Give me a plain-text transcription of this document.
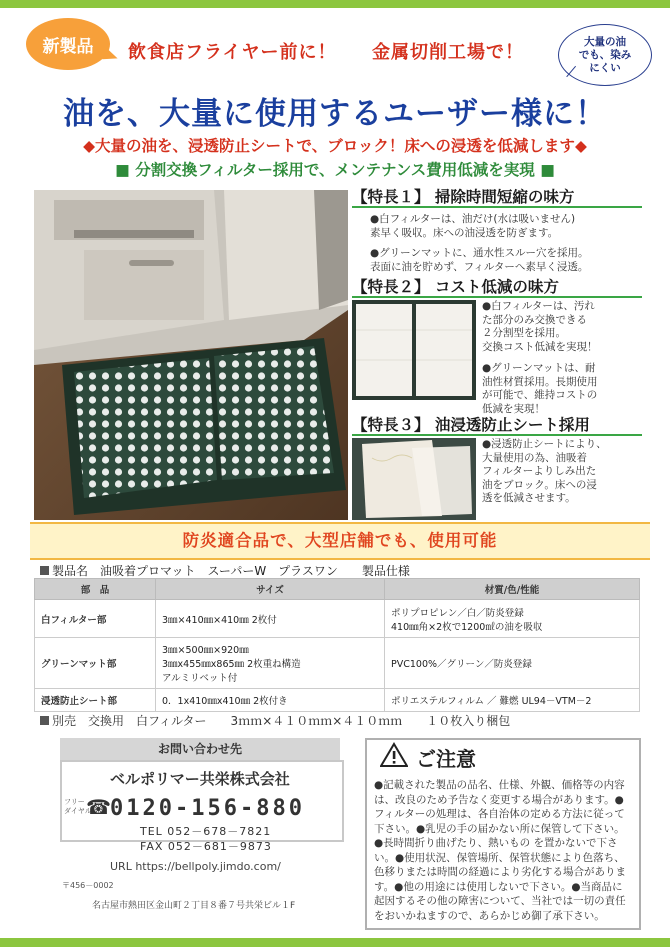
新製品	飲食店フライヤー前に！ 金属切削工場で！
大量の油
でも、染み
にくい
油を、大量に使用するユーザー様に！
◆大量の油を、浸透防止シートで、ブロック！床への浸透を低減します◆
■ 分割交換フィルター採用で、メンテナンス費用低減を実現 ■
【特長１】 掃除時間短縮の味方
●白フィルターは、油だけ(水は吸いません)
素早く吸収。床への油浸透を防ぎます。
●グリーンマットに、通水性スルー穴を採用。
表面に油を貯めず、フィルターへ素早く浸透。
【特長２】 コスト低減の味方
●白フィルターは、汚れ
た部分のみ交換できる
２分割型を採用。
交換コスト低減を実現！
●グリーンマットは、耐
油性材質採用。長期使用
が可能で、維持コストの
低減を実現！
【特長３】 油浸透防止シート採用
●浸透防止シートにより、
大量使用の為、油吸着
フィルターよりしみ出た
油をブロック。床への浸
透を低減させます。
防炎適合品で、大型店舗でも、使用可能
製品名　油吸着プロマット　スーパーW　プラスワン　　製品仕様
部　品	サイズ	材質/色/性能
白フィルター部	3㎜×410㎜×410㎜ 2枚付	ポリプロピレン／白／防炎登録
410㎜角×2枚で1200㎖の油を吸収

グリーンマット部	3㎜×500㎜×920㎜
3㎜x455㎜x865㎜ 2枚重ね構造
アルミリベット付	PVC100%／グリーン／防炎登録

浸透防止シート部	0．1x410㎜x410㎜ 2枚付き	ポリエステルフィルム ／ 難燃 UL94－VTM－2
別売　交換用　白フィルター　　3ｍｍ×４１０ｍｍ×４１０ｍｍ　　１０枚入り梱包
お問い合わせ先
ベルポリマー共栄株式会社
フリー
ダイヤル
☎ 0120-156-880
TEL 052－678－7821
FAX 052－681－9873
URL https://bellpoly.jimdo.com/
〒456－0002
名古屋市熱田区金山町２丁目８番７号共栄ビル１F
ご注意
●記載された製品の品名、仕様、外観、価格等の内容は、改良のため予告なく変更する場合があります。●フィルターの処理は、各自治体の定める方法に従って下さい。●乳児の手の届かない所に保管して下さい。●長時間折り曲げたり、熱いもの を置かないで下さい。●使用状況、保管場所、保管状態により色落ち、色移りまたは時間の経過により劣化する場合があります。●他の用途には使用しないで下さい。●当商品に起因するその他の障害について、当社では一切の責任をおいかねますので、あらかじめ御了承下さい。
